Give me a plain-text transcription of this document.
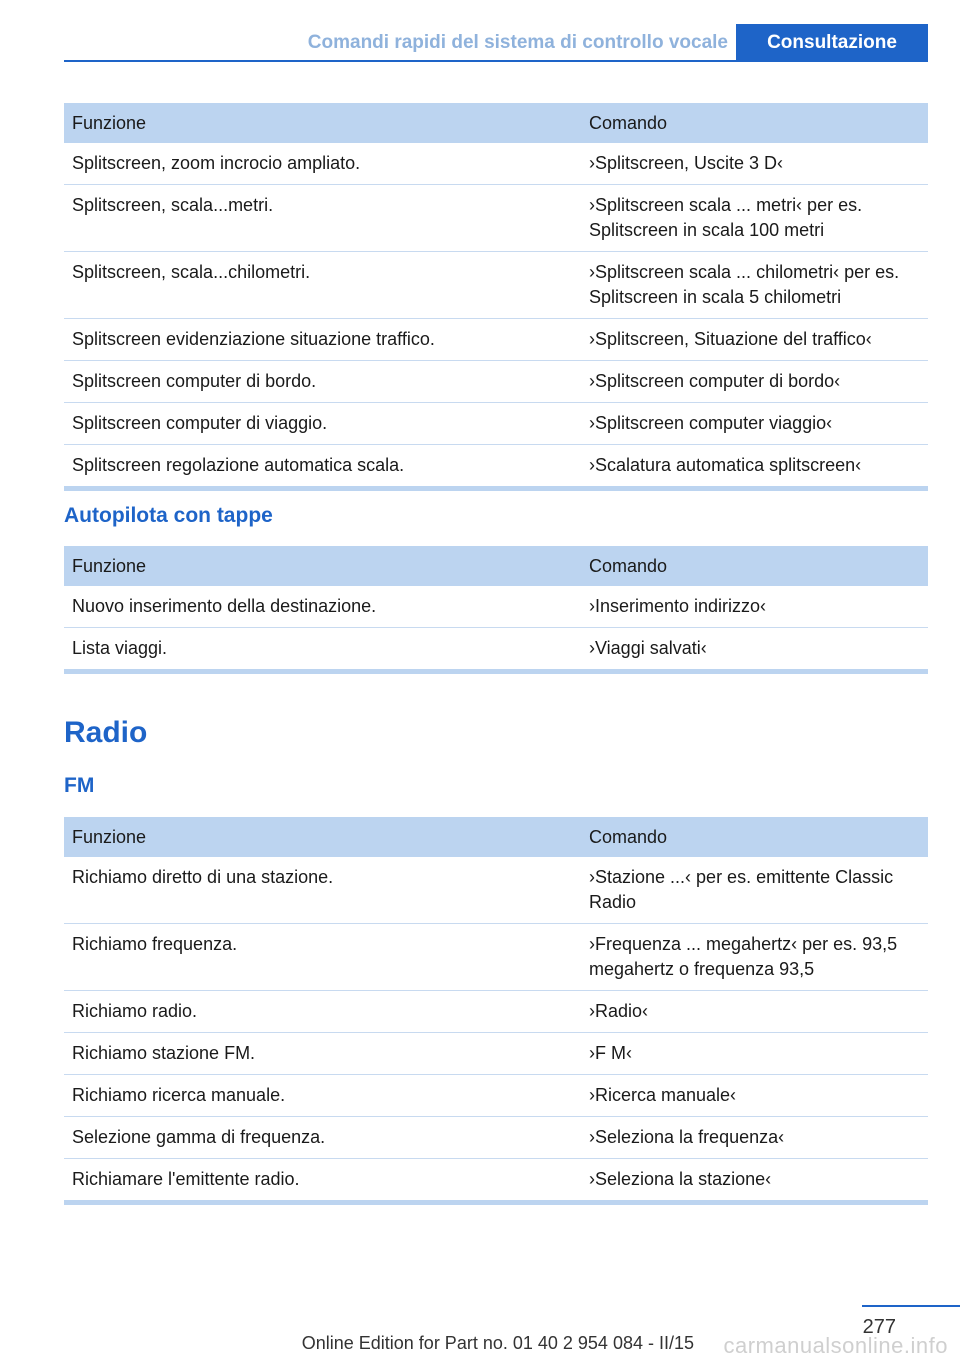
Comandi rapidi del sistema di controllo vocale	Consultazione
Funzione	Comando
Splitscreen, zoom incrocio ampliato.	›Splitscreen, Uscite 3 D‹
Splitscreen, scala...metri.	›Splitscreen scala ... metri‹ per es. Splitscreen in scala 100 metri
Splitscreen, scala...chilometri.	›Splitscreen scala ... chilometri‹ per es. Splitscreen in scala 5 chilometri
Splitscreen evidenziazione situazione traffico.	›Splitscreen, Situazione del traffico‹
Splitscreen computer di bordo.	›Splitscreen computer di bordo‹
Splitscreen computer di viaggio.	›Splitscreen computer viaggio‹
Splitscreen regolazione automatica scala.	›Scalatura automatica splitscreen‹
Autopilota con tappe
Funzione	Comando
Nuovo inserimento della destinazione.	›Inserimento indirizzo‹
Lista viaggi.	›Viaggi salvati‹
Radio
FM
Funzione	Comando
Richiamo diretto di una stazione.	›Stazione ...‹ per es. emittente Classic Radio
Richiamo frequenza.	›Frequenza ... megahertz‹ per es. 93,5 megahertz o frequenza 93,5
Richiamo radio.	›Radio‹
Richiamo stazione FM.	›F M‹
Richiamo ricerca manuale.	›Ricerca manuale‹
Selezione gamma di frequenza.	›Seleziona la frequenza‹
Richiamare l'emittente radio.	›Seleziona la stazione‹
277
carmanualsonline.info
Online Edition for Part no. 01 40 2 954 084 - II/15
